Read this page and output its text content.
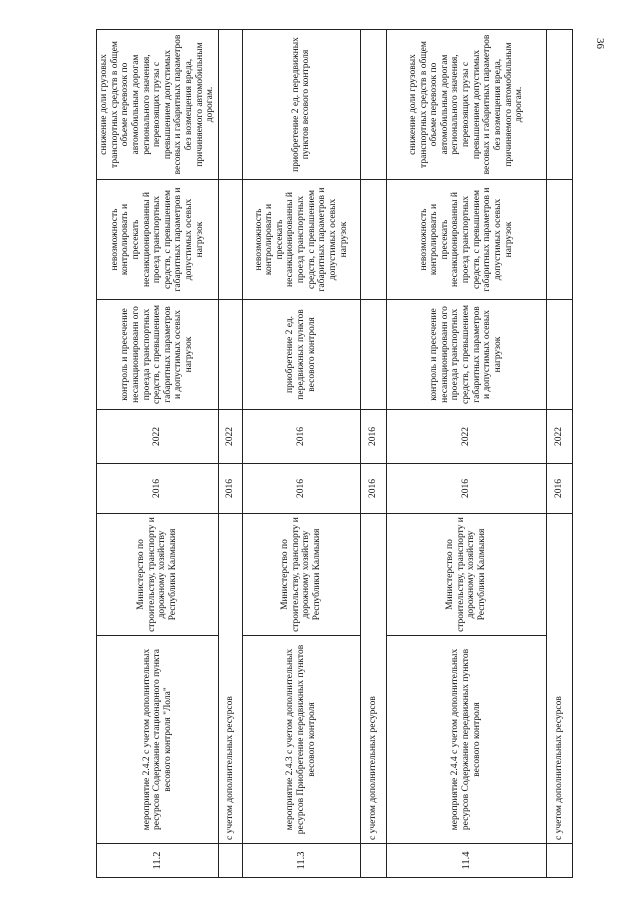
36
11.2	мероприятие 2.4.2 с учетом дополнительных ресурсов Содержание стационарного пункта весового контроля "Лола"	Министерство по строительству, транспорту и дорожному хозяйству Республики Калмыкия	2016	2022	контроль и пресечение несанкционированн ого проезда транспортных средств, с превышением габаритных параметров и допустимых осевых нагрузок	невозможность контролировать и пресекать несанкционированны й проезд транспортных средств, с превышением габаритных параметров и допустимых осевых нагрузок	снижение доли грузовых транспортных средств в общем объеме перевозок по автомобильным дорогам регионального значения, перевозящих грузы с превышением допустимых весовых и габаритных параметров без возмещения вреда, причиняемого автомобильным дорогам.
	с учетом дополнительных ресурсов		2016	2022			
11.3	мероприятие 2.4.3 с учетом дополнительных ресурсов Приобретение передвижных пунктов весового контроля	Министерство по строительству, транспорту и дорожному хозяйству Республики Калмыкия	2016	2016	приобретение 2 ед. передвижных пунктов весового контроля	невозможность контролировать и пресекать несанкционированны й проезд транспортных средств, с превышением габаритных параметров и допустимых осевых нагрузок	приобретение 2 ед. передвижных пунктов весового контроля
	с учетом дополнительных ресурсов		2016	2016			
11.4	мероприятие 2.4.4 с учетом дополнительных ресурсов Содержание передвижных пунктов весового контроля	Министерство по строительству, транспорту и дорожному хозяйству Республики Калмыкия	2016	2022	контроль и пресечение несанкционированн ого проезда транспортных средств, с превышением габаритных параметров и допустимых осевых нагрузок	невозможность контролировать и пресекать несанкционированны й проезд транспортных средств, с превышением габаритных параметров и допустимых осевых нагрузок	снижение доли грузовых транспортных средств в общем объеме перевозок по автомобильным дорогам регионального значения, перевозящих грузы с превышением допустимых весовых и габаритных параметров без возмещения вреда, причиняемого автомобильным дорогам.
	с учетом дополнительных ресурсов		2016	2022			
